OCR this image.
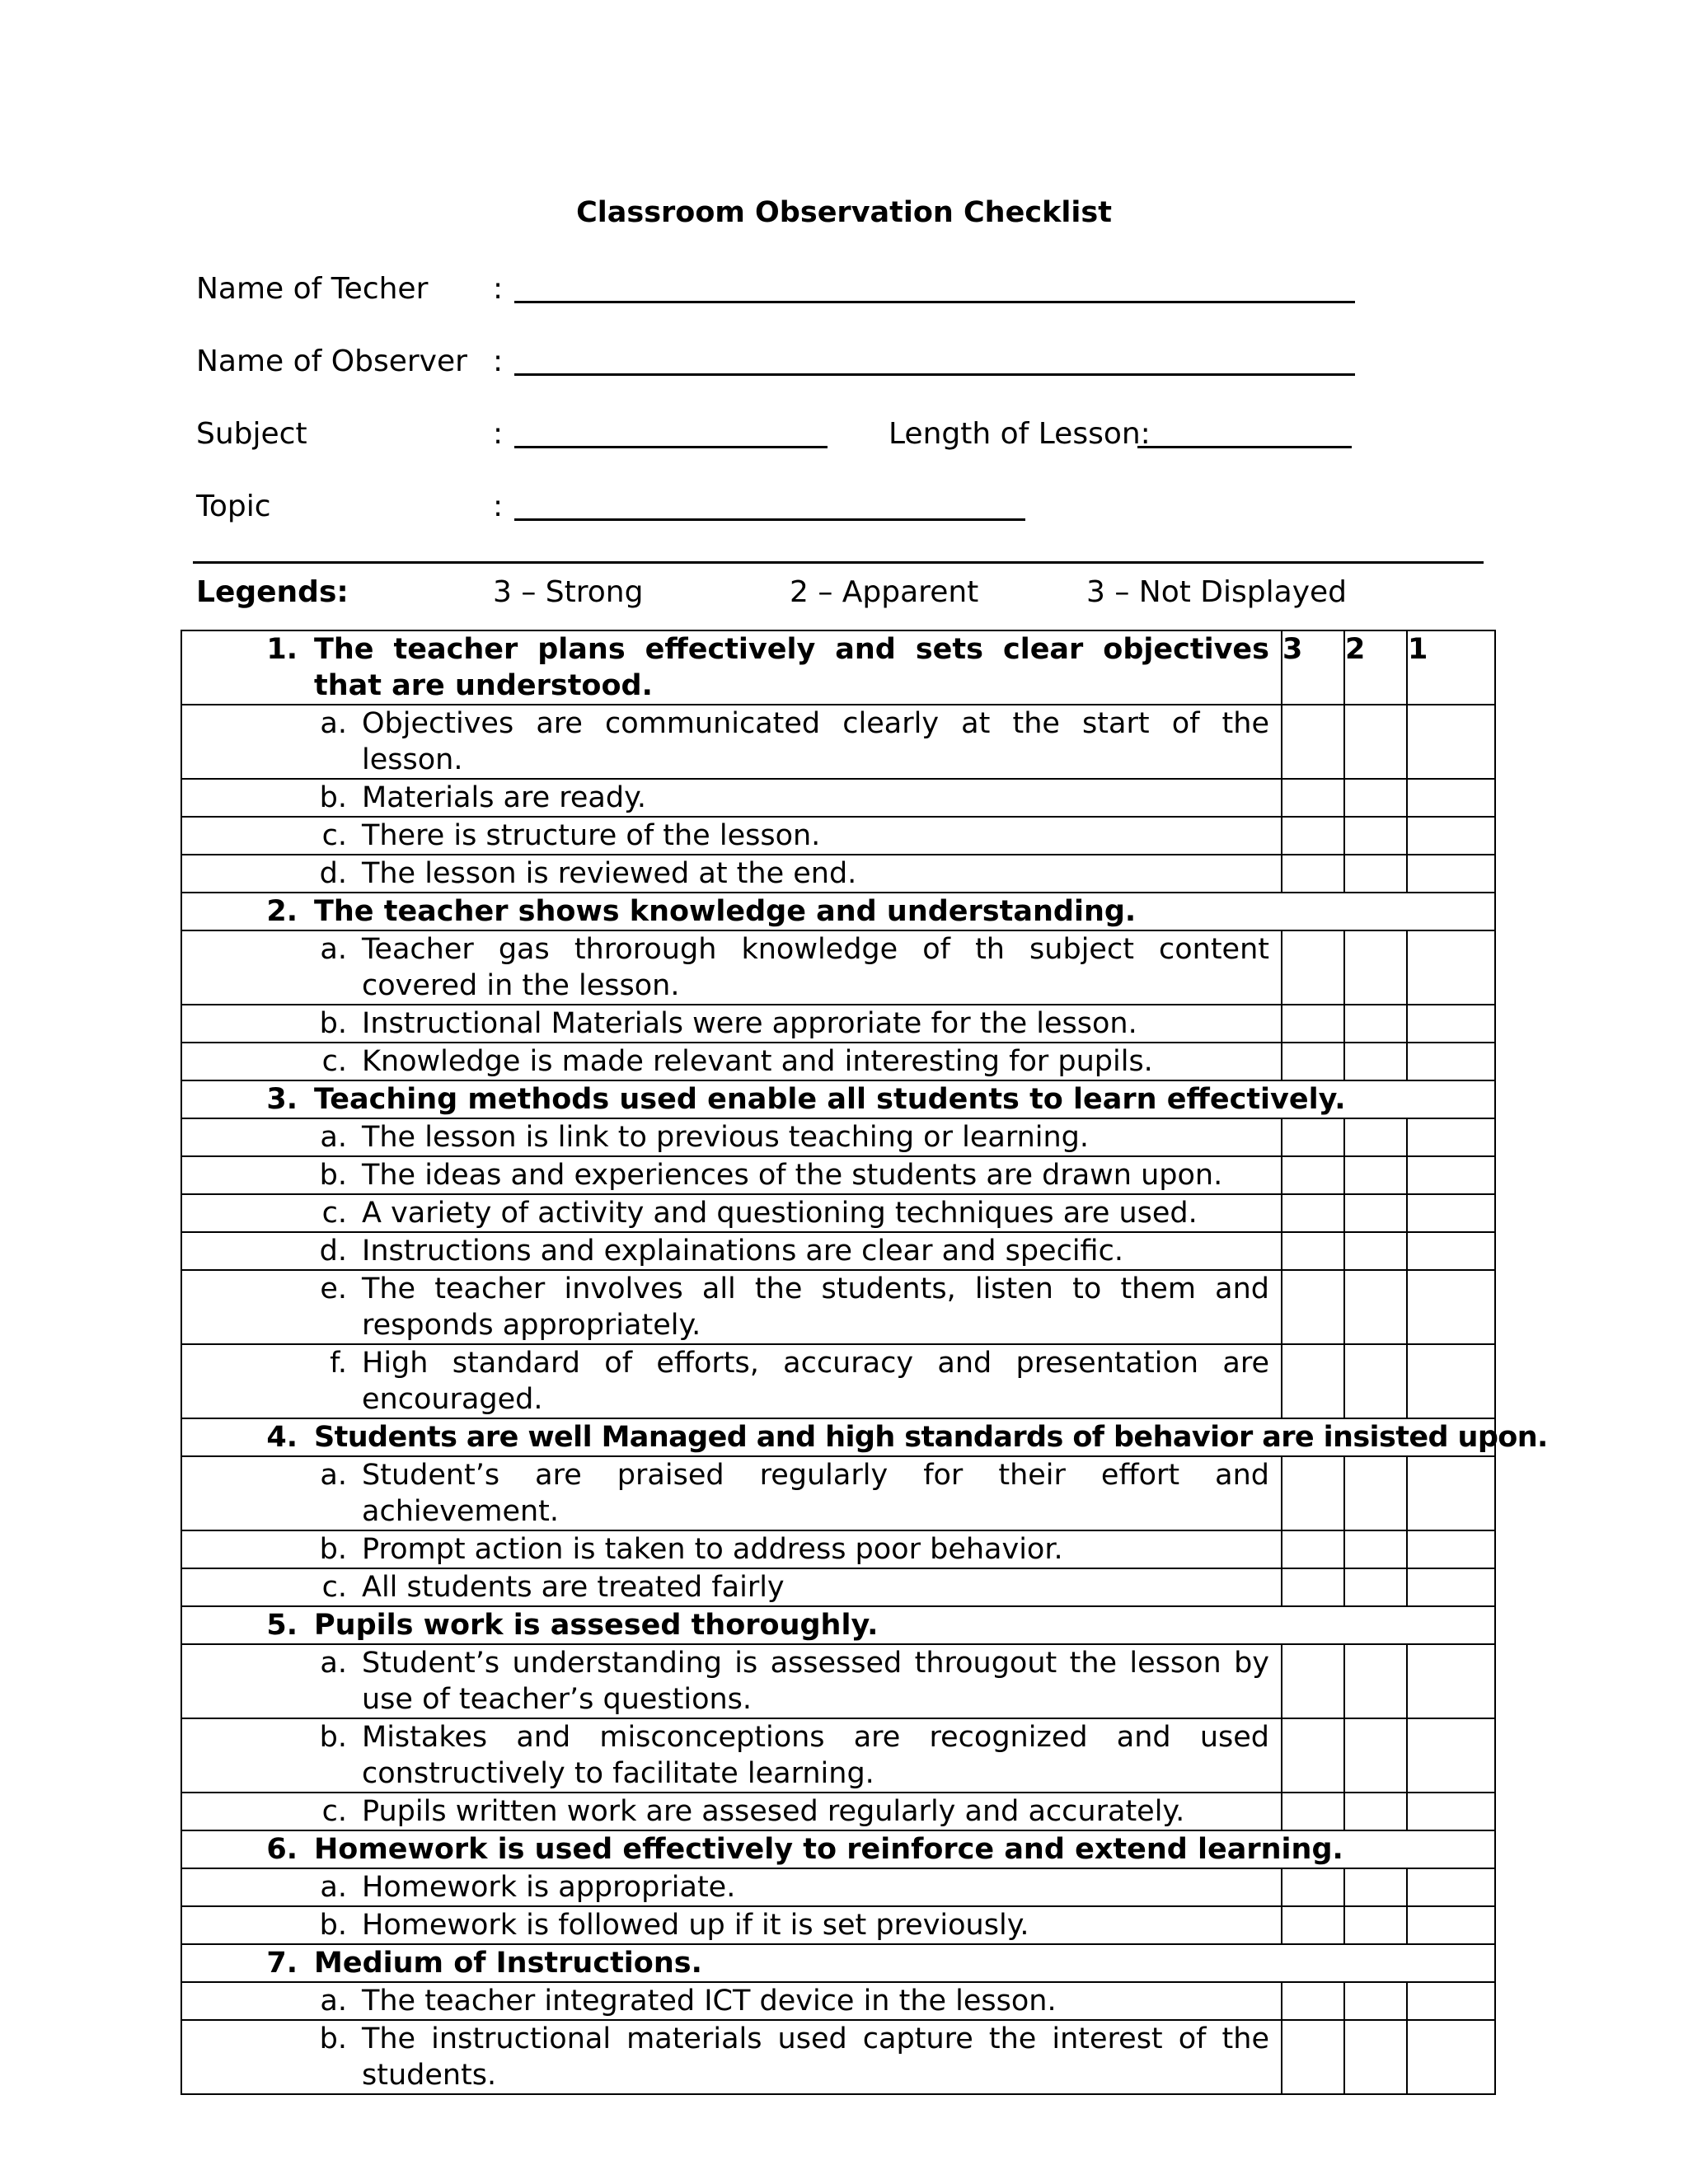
Classroom Observation Checklist
Name of Techer :
Name of Observer :
Subject	:	Length of Lesson:
Topic	:
Legends:	3 – Strong	2 – Apparent	3 – Not Displayed
1. The teacher plans effectively and sets clear objectives that are understood.	3	2	1

a. Objectives are communicated clearly at the start of the lesson.			

b. Materials are ready.			

c. There is structure of the lesson.			

d. The lesson is reviewed at the end.			

2. The teacher shows knowledge and understanding.			

a. Teacher gas throrough knowledge of th subject content covered in the lesson.			

b. Instructional Materials were approriate for the lesson.			

c. Knowledge is made relevant and interesting for pupils.			

3. Teaching methods used enable all students to learn effectively.			

a. The lesson is link to previous teaching or learning.			

b. The ideas and experiences of the students are drawn upon.			

c. A variety of activity and questioning techniques are used.			

d. Instructions and explainations are clear and specific.			

e. The teacher involves all the students, listen to them and responds appropriately.			

f. High standard of efforts, accuracy and presentation are encouraged.			

4. Students are well Managed and high standards of behavior are insisted upon.			

a. Student’s are praised regularly for their effort and achievement.			

b. Prompt action is taken to address poor behavior.			

c. All students are treated fairly			

5. Pupils work is assesed thoroughly.			

a. Student’s understanding is assessed througout the lesson by use of teacher’s questions.			

b. Mistakes and misconceptions are recognized and used constructively to facilitate learning.			

c. Pupils written work are assesed regularly and accurately.			

6. Homework is used effectively to reinforce and extend learning.			

a. Homework is appropriate.			

b. Homework is followed up if it is set previously.			

7. Medium of Instructions.			

a. The teacher integrated ICT device in the lesson.			

b. The instructional materials used capture the interest of the students.			
